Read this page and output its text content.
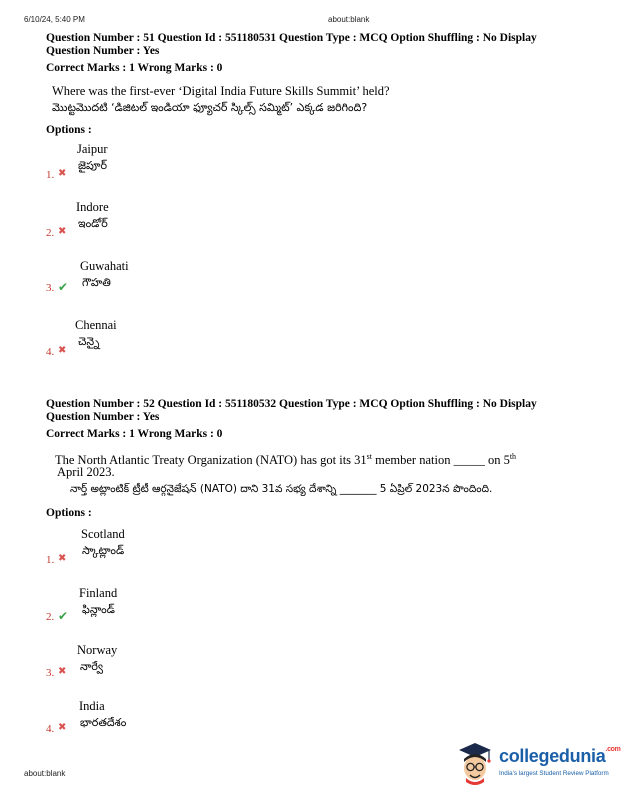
6/10/24, 5:40 PM	about:blank
Question Number : 51 Question Id : 551180531 Question Type : MCQ Option Shuffling : No Display
Question Number : Yes
Correct Marks : 1 Wrong Marks : 0
Where was the first-ever ‘Digital India Future Skills Summit’ held?
మొట్టమొదటి ‘డిజిటల్ ఇండియా ఫ్యూచర్ స్కిల్స్ సమ్మిట్’ ఎక్కడ జరిగింది?
Options :
Jaipur
జైపూర్
1. ✖
Indore
ఇండోర్
2. ✖
Guwahati
గౌహతి
3. ✔
Chennai
చెన్నై
4. ✖
Question Number : 52 Question Id : 551180532 Question Type : MCQ Option Shuffling : No Display
Question Number : Yes
Correct Marks : 1 Wrong Marks : 0
The North Atlantic Treaty Organization (NATO) has got its 31st member nation _____ on 5th
April 2023.
నార్త్ అట్లాంటిక్ ట్రీటీ ఆర్గనైజేషన్ (NATO) దాని 31వ సభ్య దేశాన్ని _______ 5 ఏప్రిల్ 2023న పొందింది.
Options :
Scotland
స్కాట్లాండ్
1. ✖
Finland
ఫిన్లాండ్
2. ✔
Norway
నార్వే
3. ✖
India
భారతదేశం
4. ✖
about:blank
collegedunia$^{.com}$
India's largest Student Review Platform
